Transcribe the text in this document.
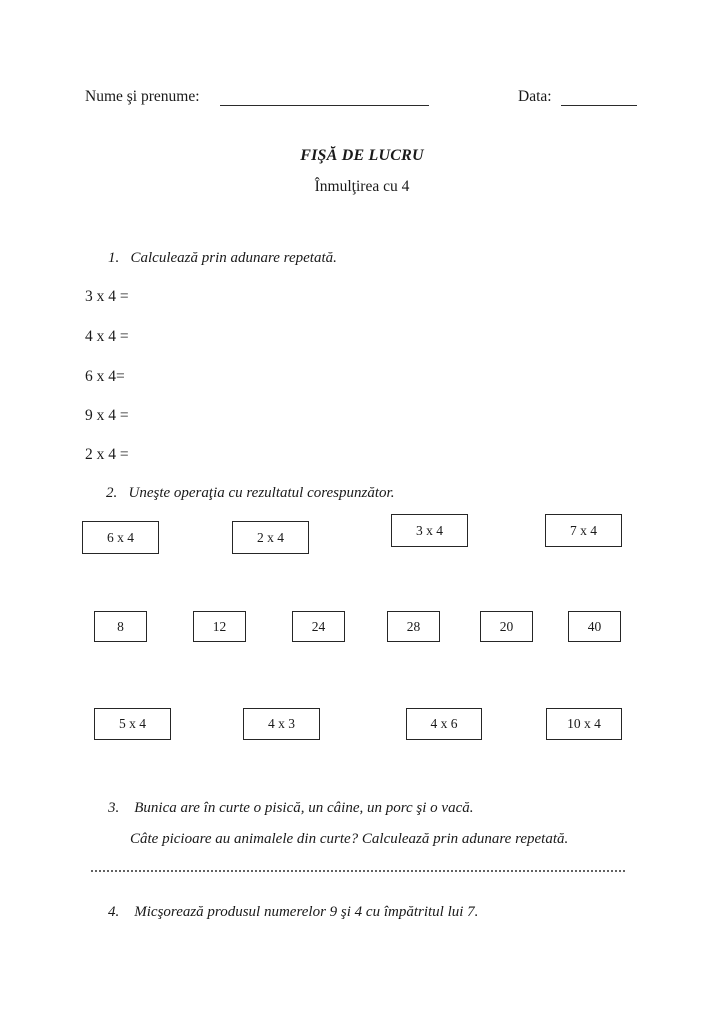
Nume şi prenume:	Data:
FIŞĂ DE LUCRU
Înmulţirea cu 4
1. Calculează prin adunare repetată.
3 x 4 =
4 x 4 =
6 x 4=
9 x 4 =
2 x 4 =
2. Uneşte operaţia cu rezultatul corespunzător.
6 x 4	2 x 4	3 x 4	7 x 4
8	12	24	28	20	40
5 x 4	4 x 3	4 x 6	10 x 4
3. Bunica are în curte o pisică, un câine, un porc şi o vacă.
Câte picioare au animalele din curte? Calculează prin adunare repetată.
4. Micşorează produsul numerelor 9 şi 4 cu împătritul lui 7.
